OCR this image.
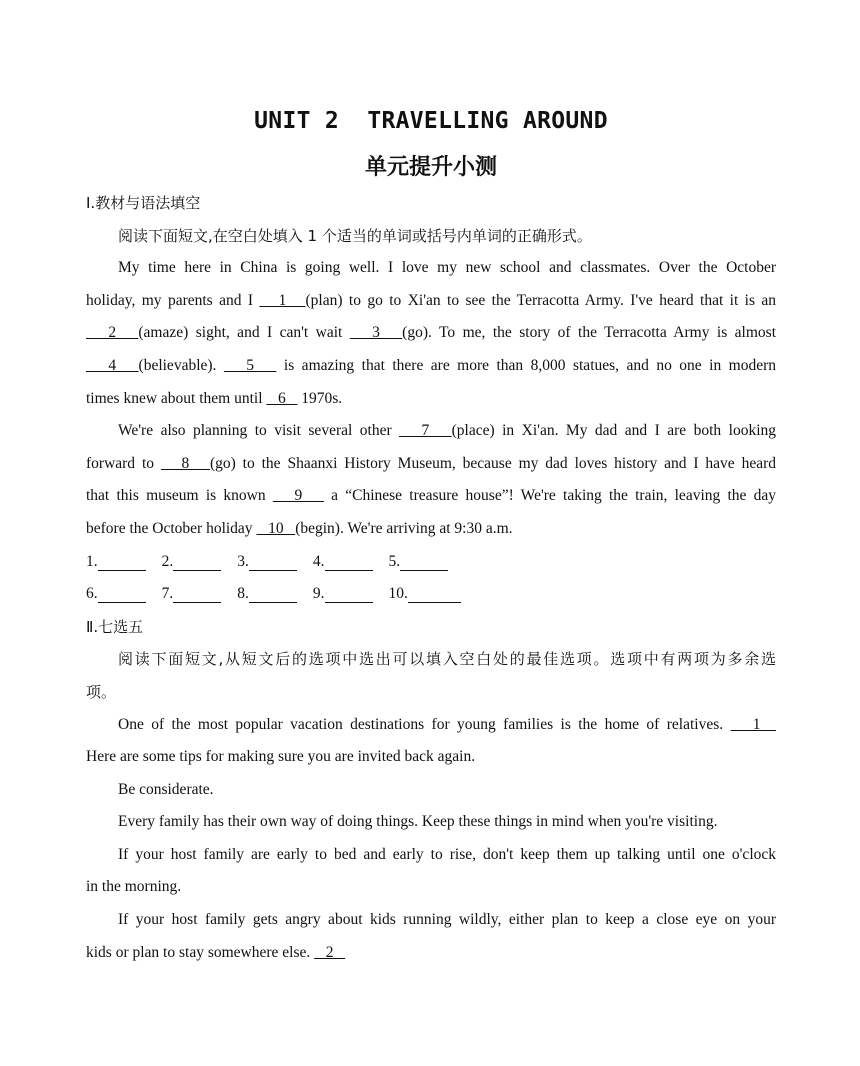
UNIT 2  TRAVELLING AROUND
单元提升小测
I.教材与语法填空
阅读下面短文,在空白处填入 1 个适当的单词或括号内单词的正确形式。
My time here in China is going well. I love my new school and classmates. Over the October
holiday, my parents and I    1   (plan) to go to Xi'an to see the Terracotta Army. I've heard that it is an
2   (amaze) sight, and I can't wait    3   (go). To me, the story of the Terracotta Army is almost
4   (believable).    5    is amazing that there are more than 8,000 statues, and no one in modern
times knew about them until    6    1970s.
We're also planning to visit several other    7   (place) in Xi'an. My dad and I are both looking
forward to    8   (go) to the Shaanxi History Museum, because my dad loves history and I have heard
that this museum is known    9    a “Chinese treasure house”! We're taking the train, leaving the day
before the October holiday    10   (begin). We're arriving at 9:30 a.m.
1.	2.	3.	4.	5.
6.	7.	8.	9.	10.
Ⅱ.七选五
阅读下面短文,从短文后的选项中选出可以填入空白处的最佳选项。选项中有两项为多余选
项。
One of the most popular vacation destinations for young families is the home of relatives.    1
Here are some tips for making sure you are invited back again.
Be considerate.
Every family has their own way of doing things. Keep these things in mind when you're visiting.
If your host family are early to bed and early to rise, don't keep them up talking until one o'clock
in the morning.
If your host family gets angry about kids running wildly, either plan to keep a close eye on your
kids or plan to stay somewhere else.    2
